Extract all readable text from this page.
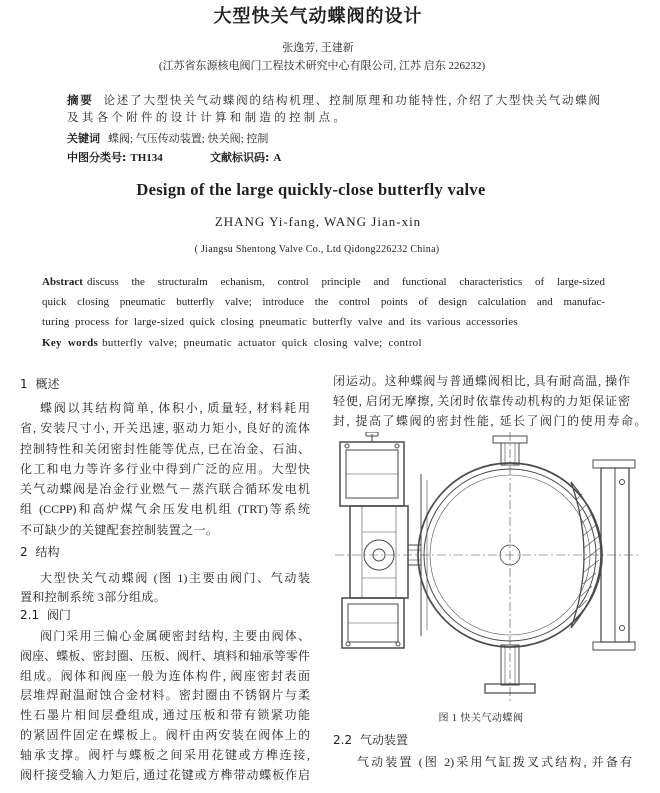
大型快关气动蝶阀的设计
张逸芳, 王建新
(江苏省东源核电阀门工程技术研究中心有限公司, 江苏 启东 226232)
摘要 论述了大型快关气动蝶阀的结构机理、控制原理和功能特性, 介绍了大型快关气动蝶阀
及其各个附件的设计计算和制造的控制点。
关键词 蝶阀; 气压传动装置; 快关阀; 控制
中图分类号: TH134	文献标识码: A
Design of the large quickly-close butterfly valve
ZHANG Yi-fang, WANG Jian-xin
( Jiangsu Shentong Valve Co., Ltd Qidong226232 China)
Abstract discuss the structuralm echanism, control principle and functional characteristics of large-sized
quick closing pneumatic butterfly valve; introduce the control points of design calculation and manufac-
turing process for large-sized quick closing pneumatic butterfly valve and its various accessories
Key words butterfly valve; pneumatic actuator quick closing valve; control
1 概述
蝶阀以其结构简单, 体积小, 质量轻, 材料耗用
省, 安装尺寸小, 开关迅速, 驱动力矩小, 良好的流体
控制特性和关闭密封性能等优点, 已在冶金、石油、
化工和电力等许多行业中得到广泛的应用。大型快
关气动蝶阀是冶金行业燃气－蒸汽联合循环发电机
组 (CCPP)和高炉煤气余压发电机组 (TRT)等系统
不可缺少的关键配套控制装置之一。
2 结构
大型快关气动蝶阀 (图 1)主要由阀门、气动装
置和控制系统 3部分组成。
2.1 阀门
阀门采用三偏心金属硬密封结构, 主要由阀体、
阀座、蝶板、密封圈、压板、阀杆、填料和轴承等零件
组成。阀体和阀座一般为连体构件, 阀座密封表面
层堆焊耐温耐蚀合金材料。密封圈由不锈钢片与柔
性石墨片相间层叠组成, 通过压板和带有锁紧功能
的紧固件固定在蝶板上。阀杆由两安装在阀体上的
轴承支撑。阀杆与蝶板之间采用花键或方榫连接,
阀杆接受输入力矩后, 通过花键或方榫带动蝶板作启
闭运动。这种蝶阀与普通蝶阀相比, 具有耐高温, 操作
轻便, 启闭无摩擦, 关闭时依靠传动机构的力矩保证密
封, 提高了蝶阀的密封性能, 延长了阀门的使用寿命。
图 1 快关气动蝶阀
2.2 气动装置
气动装置 (图 2)采用气缸拨叉式结构, 并备有
